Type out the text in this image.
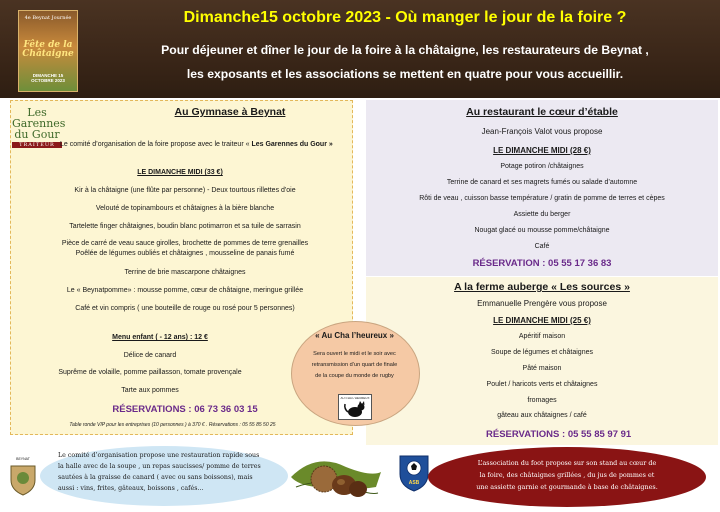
4e Beynat Journée
Fête de la Châtaigne
DIMANCHE 15 OCTOBRE 2023
Dimanche15 octobre 2023 - Où manger le jour de la foire ?
Pour déjeuner et dîner le jour de la foire à la châtaigne, les restaurateurs de Beynat ,
les exposants et les associations se mettent en quatre pour vous accueillir.
Les
Garennes
du Gour
TRAITEUR
Au Gymnase à Beynat
Le comité d’organisation de la foire propose avec le traiteur « Les Garennes du Gour »
LE DIMANCHE MIDI (33 €)
Kir à la châtaigne (une flûte par personne) - Deux tourtous rillettes d'oie
Velouté de topinambours et châtaignes à la bière blanche
Tartelette finger châtaignes, boudin blanc potimarron et sa tuile de sarrasin
Pièce de carré de veau sauce girolles, brochette de pommes de terre grenailles
Poêlée de légumes oubliés et châtaignes , mousseline de panais fumé
Terrine de brie mascarpone châtaignes
Le « Beynatpomme» : mousse pomme, cœur de châtaigne, meringue grillée
Café et vin compris ( une bouteille de rouge ou rosé pour 5 personnes)
Menu enfant ( - 12 ans) : 12 €
Délice de canard
Suprême de volaille, pomme paillasson, tomate provençale
Tarte aux pommes
RÉSERVATIONS : 06 73 36 03 15
Table ronde VIP pour les entreprises (10 personnes ) à 370 € . Réservations : 05 55 85 50 25
Au restaurant le cœur d’étable
Jean-François Valot vous propose
LE DIMANCHE MIDI (28 €)
Potage potiron /châtaignes
Terrine de canard et ses magrets fumés ou salade d’automne
Rôti de veau , cuisson basse température / gratin de pomme de terres et cèpes
Assiette du berger
Nougat glacé ou mousse pomme/châtaigne
Café
RÉSERVATION : 05 55 17 36 83
A la ferme auberge « Les sources »
Emmanuelle Prengère vous propose
LE DIMANCHE MIDI (25 €)
Apéritif maison
Soupe de légumes et châtaignes
Pâté maison
Poulet / haricots verts et châtaignes
fromages
gâteau aux châtaignes / café
RÉSERVATIONS : 05 55 85 97 91
« Au Cha l’heureux »
Sera ouvert le midi et le soir avec
retransmission d’un quart de finale
de la coupe du monde de rugby
AU CHA L'HEUREUX
BEYNAT	Le comité d’organisation propose une restauration rapide sous
la halle avec de la soupe , un repas saucisses/ pomme de terres
sautées à la graisse de canard ( avec ou sans boissons), mais
aussi : vins, frites, gâteaux, boissons , cafés...
ASB
L’association du foot propose sur son stand au cœur de
la foire, des châtaignes grillées , du jus de pommes et
une assiette garnie et gourmande à base de châtaignes.
